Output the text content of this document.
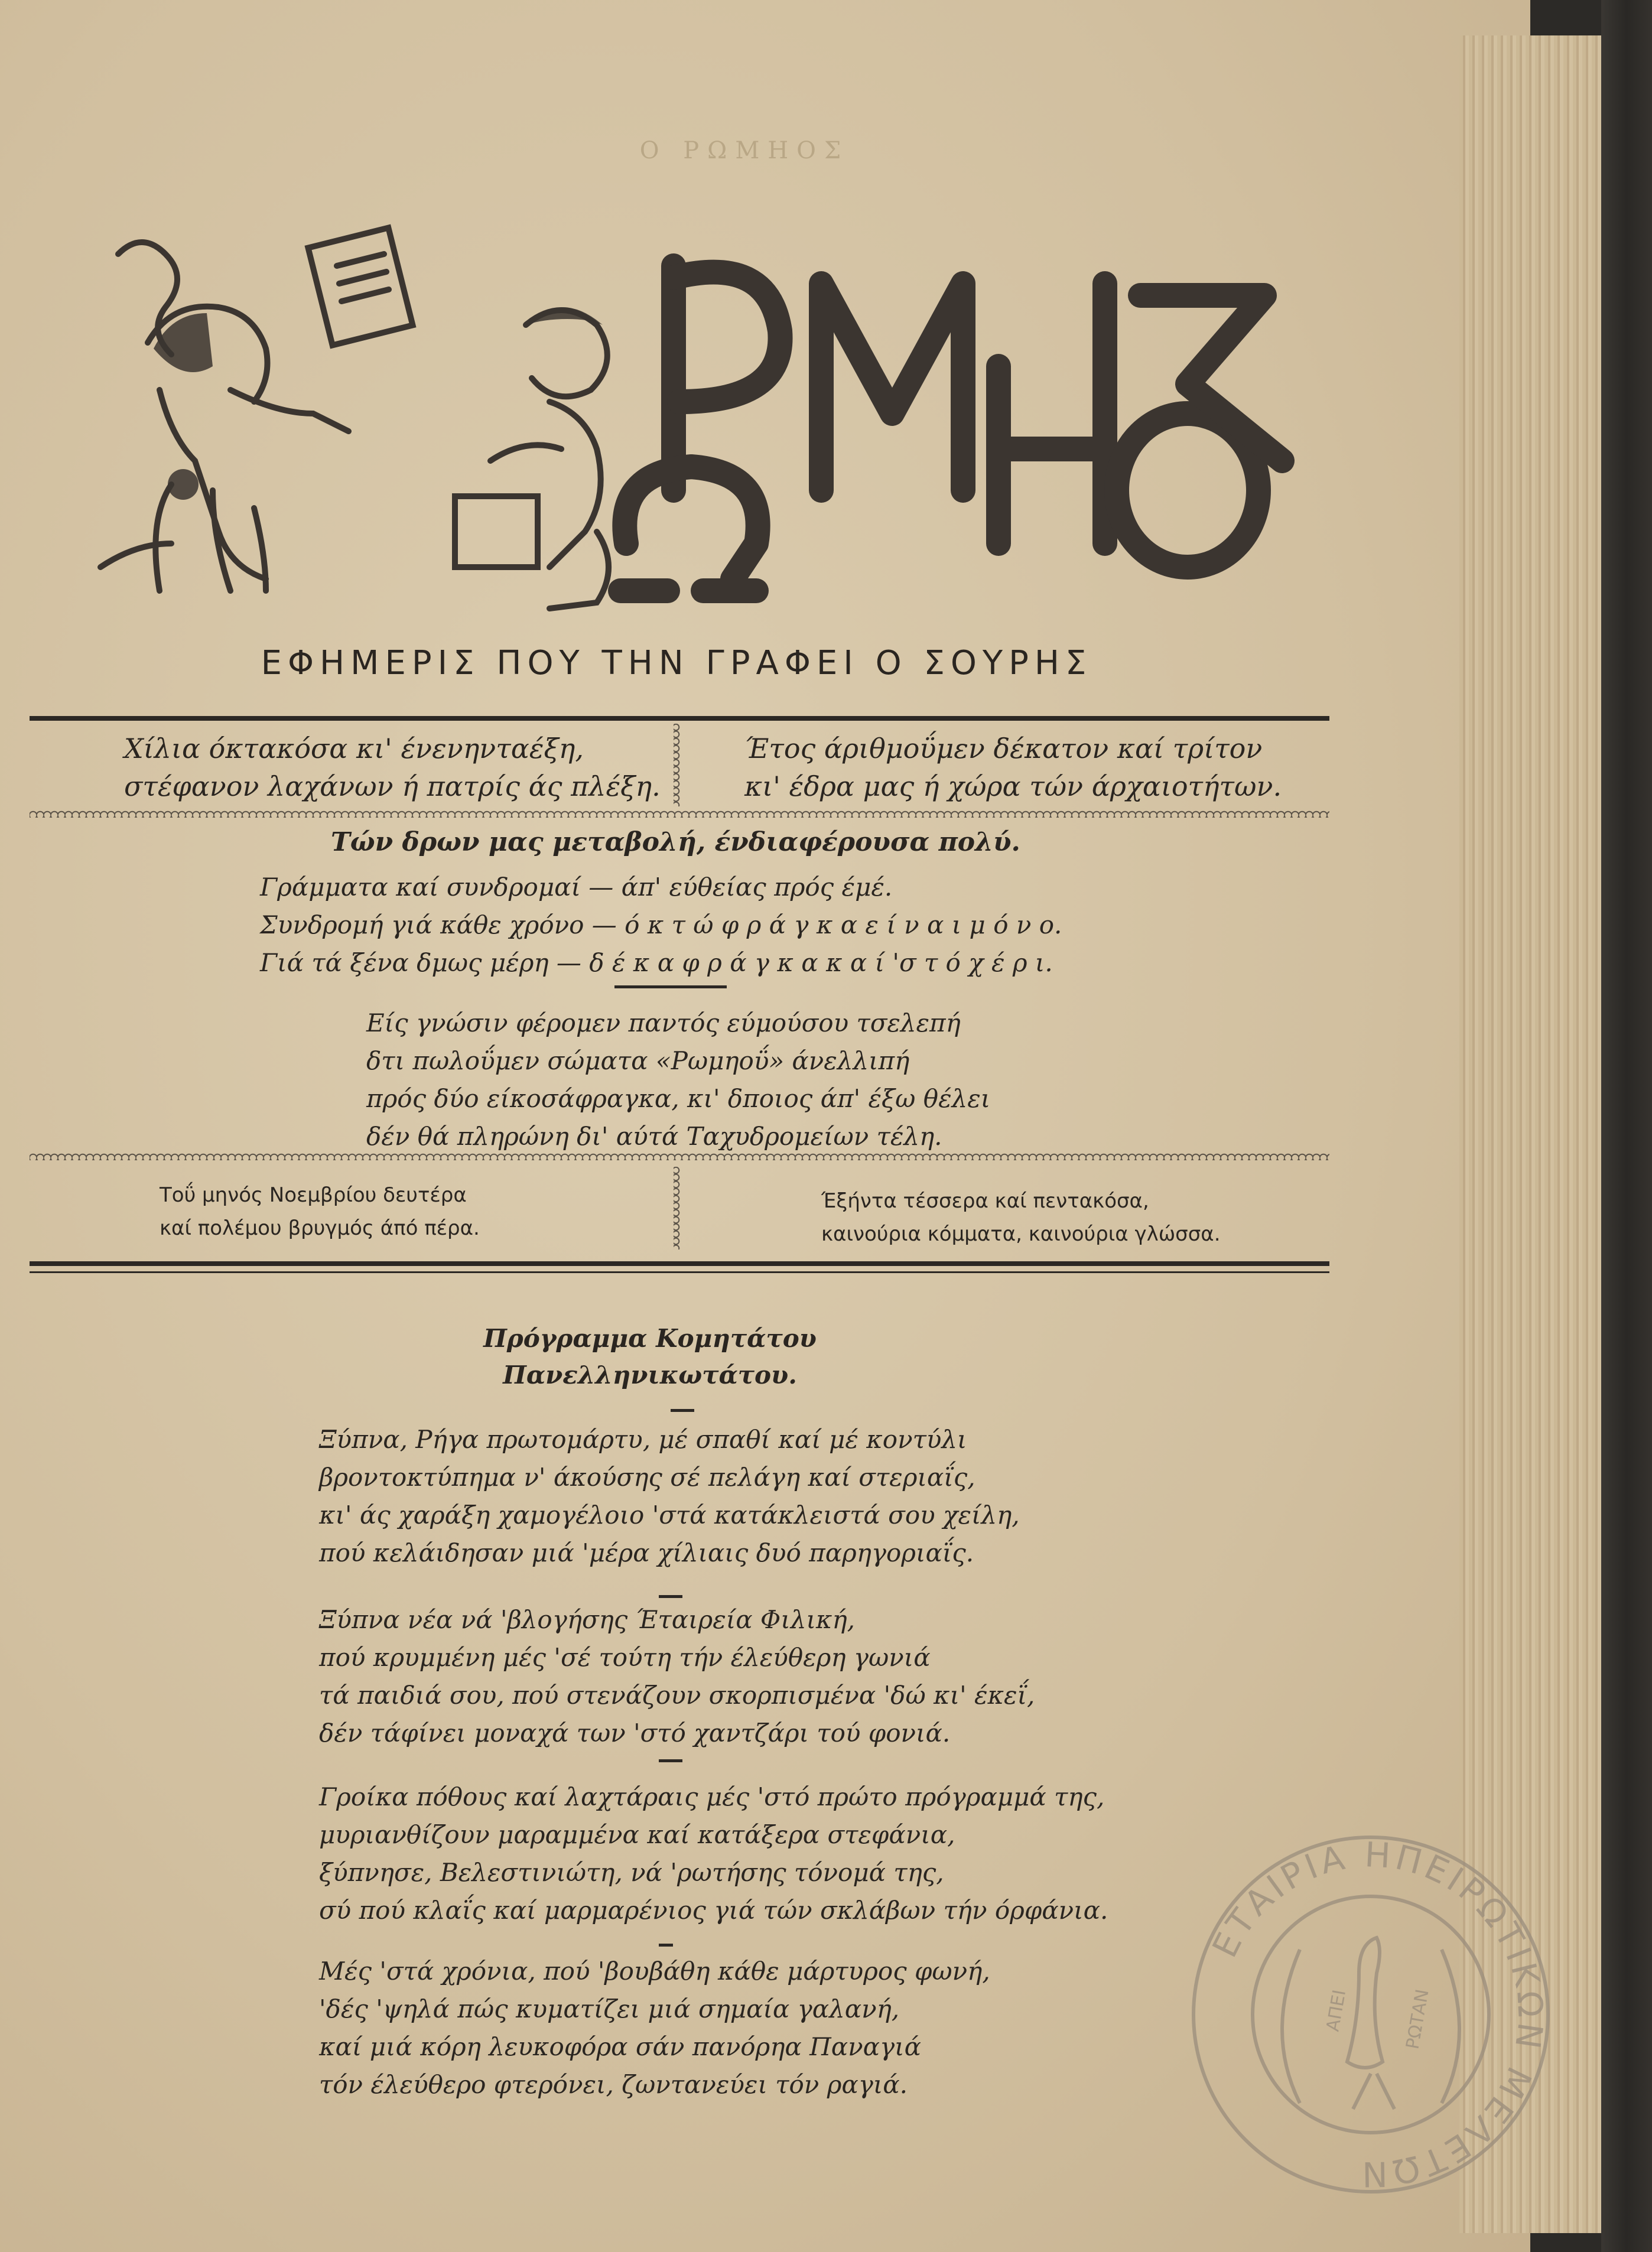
Ο ΡΩΜΗΟΣ
ΕΦΗΜΕΡΙΣ ΠΟΥ ΤΗΝ ΓΡΑΦΕΙ Ο ΣΟΥΡΗΣ
Χίλια όκτακόσα κι' ένενηνταέξη,
στέφανον λαχάνων ή πατρίς άς πλέξη.
Έτος άριθμοΰμεν δέκατον καί τρίτον
κι' έδρα μας ή χώρα τών άρχαιοτήτων.
Τών δρων μας μεταβολή, ένδιαφέρουσα πολύ.
Γράμματα καί συνδρομαί — άπ' εύθείας πρός έμέ.
Συνδρομή γιά κάθε χρόνο — ό κ τ ώ φ ρ ά γ κ α ε ί ν α ι μ ό ν ο.
Γιά τά ξένα δμως μέρη — δ έ κ α φ ρ ά γ κ α κ α ί 'σ τ ό χ έ ρ ι.
Είς γνώσιν φέρομεν παντός εύμούσου τσελεπή
δτι πωλοΰμεν σώματα «Ρωμηοΰ» άνελλιπή
πρός δύο είκοσάφραγκα, κι' δποιος άπ' έξω θέλει
δέν θά πληρώνη δι' αύτά Ταχυδρομείων τέλη.
Τοΰ μηνός Νοεμβρίου δευτέρα
καί πολέμου βρυγμός άπό πέρα.
Έξήντα τέσσερα καί πεντακόσα,
καινούρια κόμματα, καινούρια γλώσσα.
Πρόγραμμα Κομητάτου
Πανελληνικωτάτου.
Ξύπνα, Ρήγα πρωτομάρτυ, μέ σπαθί καί μέ κοντύλι
βροντοκτύπημα ν' άκούσης σέ πελάγη καί στεριαΐς,
κι' άς χαράξη χαμογέλοιο 'στά κατάκλειστά σου χείλη,
πού κελάιδησαν μιά 'μέρα χίλιαις δυό παρηγοριαΐς.
Ξύπνα νέα νά 'βλογήσης Έταιρεία Φιλική,
πού κρυμμένη μές 'σέ τούτη τήν έλεύθερη γωνιά
τά παιδιά σου, πού στενάζουν σκορπισμένα 'δώ κι' έκεΐ,
δέν τάφίνει μοναχά των 'στό χαντζάρι τού φονιά.
Γροίκα πόθους καί λαχτάραις μές 'στό πρώτο πρόγραμμά της,
μυριανθίζουν μαραμμένα καί κατάξερα στεφάνια,
ξύπνησε, Βελεστινιώτη, νά 'ρωτήσης τόνομά της,
σύ πού κλαΐς καί μαρμαρένιος γιά τών σκλάβων τήν όρφάνια.
Μές 'στά χρόνια, πού 'βουβάθη κάθε μάρτυρος φωνή,
'δές 'ψηλά πώς κυματίζει μιά σημαία γαλανή,
καί μιά κόρη λευκοφόρα σάν πανόρηα Παναγιά
τόν έλεύθερο φτερόνει, ζωντανεύει τόν ραγιά.
ΕΤΑΙΡΙΑ ΗΠΕΙΡΩΤΙΚΩΝ ΜΕΛΕΤΩΝ
ΑΠΕΙ	ΡΩΤΑΝ
